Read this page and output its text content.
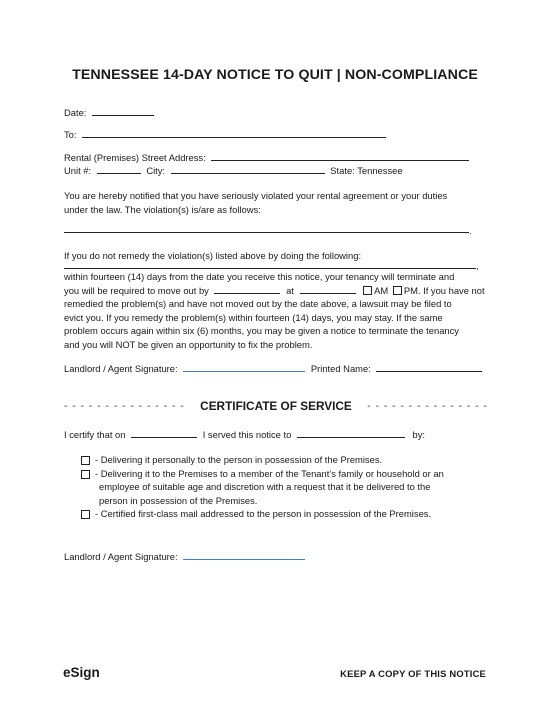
TENNESSEE 14-DAY NOTICE TO QUIT | NON-COMPLIANCE
Date:
To:
Rental (Premises) Street Address:
Unit #:	City:	State: Tennessee
You are hereby notified that you have seriously violated your rental agreement or your duties
under the law. The violation(s) is/are as follows:
.
If you do not remedy the violation(s) listed above by doing the following:
,
within fourteen (14) days from the date you receive this notice, your tenancy will terminate and
you will be required to move out by	at	AM PM. If you have not
remedied the problem(s) and have not moved out by the date above, a lawsuit may be filed to
evict you. If you remedy the problem(s) within fourteen (14) days, you may stay. If the same
problem occurs again within six (6) months, you may be given a notice to terminate the tenancy
and you will NOT be given an opportunity to fix the problem.
Landlord / Agent Signature:	Printed Name:
- - - - - - - - - - - - - - - CERTIFICATE OF SERVICE - - - - - - - - - - - - - - -
I certify that on	I served this notice to	by:
- Delivering it personally to the person in possession of the Premises.
- Delivering it to the Premises to a member of the Tenant’s family or household or an
employee of suitable age and discretion with a request that it be delivered to the
person in possession of the Premises.
- Certified first-class mail addressed to the person in possession of the Premises.
Landlord / Agent Signature:
eSign	KEEP A COPY OF THIS NOTICE
